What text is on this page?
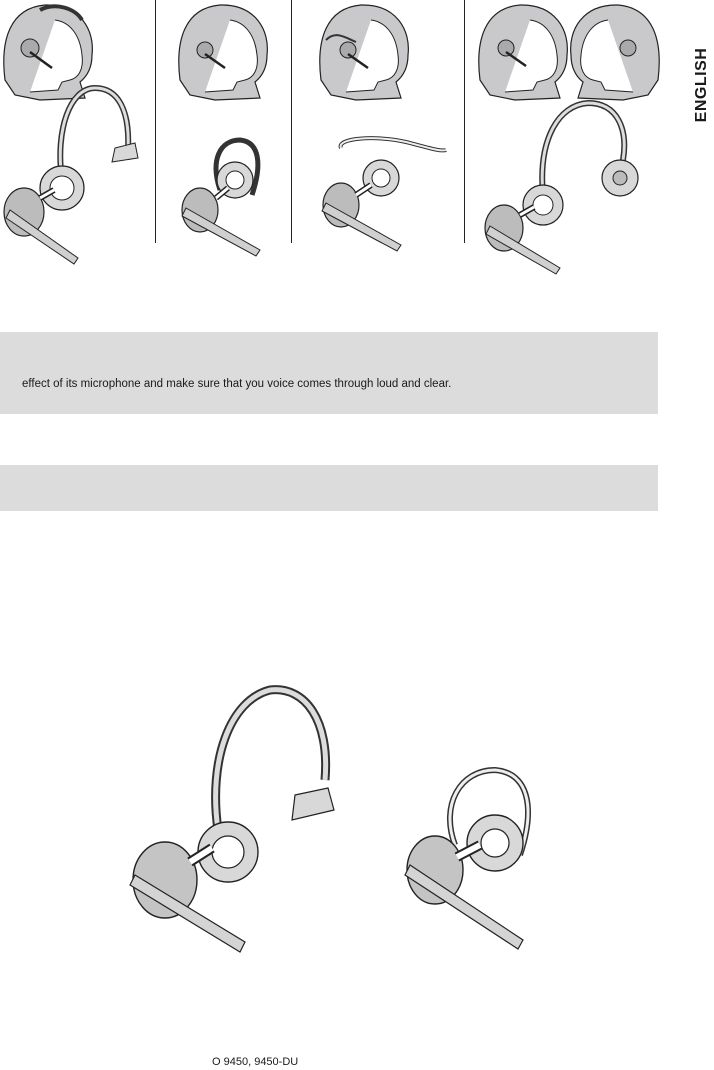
ENGLISH

effect of its microphone and make sure that you voice comes through loud and clear.

O 9450, 9450-DU
